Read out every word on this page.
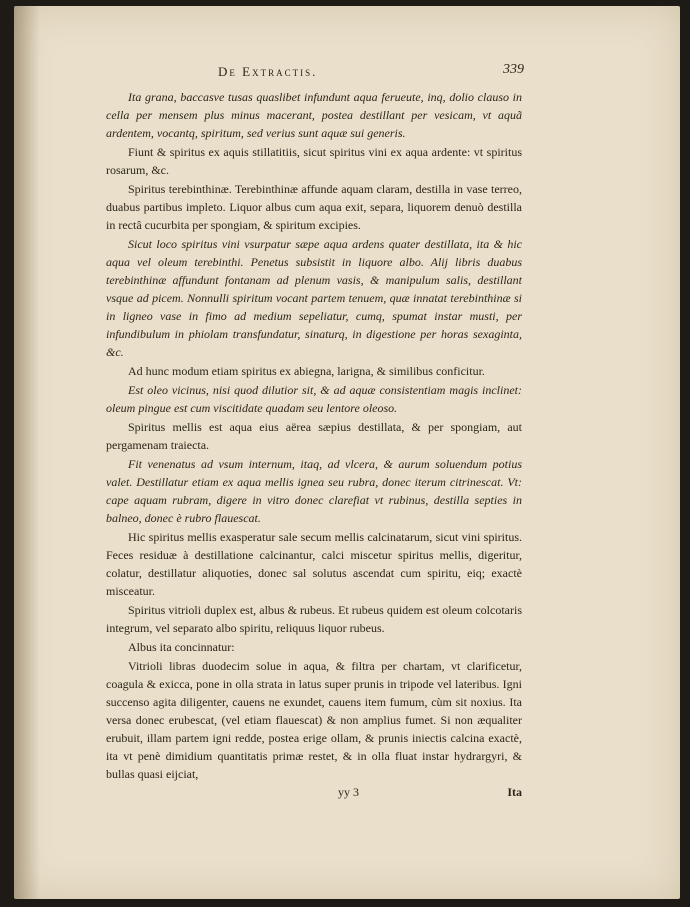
De Extractis.	339

Ita grana, baccasve tusas quaslibet infundunt aqua ferueute, inq, dolio clauso in cella per mensem plus minus macerant, postea destillant per vesicam, vt aquã ardentem, vocantq, spiritum, sed verius sunt aquæ sui generis.

Fiunt & spiritus ex aquis stillatitiis, sicut spiritus vini ex aqua ardente: vt spiritus rosarum, &c.

Spiritus terebinthinæ. Terebinthinæ affunde aquam claram, destilla in vase terreo, duabus partibus impleto. Liquor albus cum aqua exit, separa, liquorem denuò destilla in rectâ cucurbita per spongiam, & spiritum excipies.

Sicut loco spiritus vini vsurpatur sæpe aqua ardens quater destillata, ita & hic aqua vel oleum terebinthi. Penetus subsistit in liquore albo. Alij libris duabus terebinthinæ affundunt fontanam ad plenum vasis, & manipulum salis, destillant vsque ad picem. Nonnulli spiritum vocant partem tenuem, quæ innatat terebinthinæ si in ligneo vase in fimo ad medium sepeliatur, cumq, spumat instar musti, per infundibulum in phiolam transfundatur, sinaturq, in digestione per horas sexaginta, &c.

Ad hunc modum etiam spiritus ex abiegna, larigna, & similibus conficitur.

Est oleo vicinus, nisi quod dilutior sit, & ad aquæ consistentiam magis inclinet: oleum pingue est cum viscitidate quadam seu lentore oleoso.

Spiritus mellis est aqua eius aërea sæpius destillata, & per spongiam, aut pergamenam traiecta.

Fit venenatus ad vsum internum, itaq, ad vlcera, & aurum soluendum potius valet. Destillatur etiam ex aqua mellis ignea seu rubra, donec iterum citrinescat. Vt: cape aquam rubram, digere in vitro donec clarefiat vt rubinus, destilla septies in balneo, donec è rubro flauescat.

Hic spiritus mellis exasperatur sale secum mellis calcinatarum, sicut vini spiritus. Feces residuæ à destillatione calcinantur, calci miscetur spiritus mellis, digeritur, colatur, destillatur aliquoties, donec sal solutus ascendat cum spiritu, eiq; exactè misceatur.

Spiritus vitrioli duplex est, albus & rubeus. Et rubeus quidem est oleum colcotaris integrum, vel separato albo spiritu, reliquus liquor rubeus.

Albus ita concinnatur:

Vitrioli libras duodecim solue in aqua, & filtra per chartam, vt clarificetur, coagula & exicca, pone in olla strata in latus super prunis in tripode vel lateribus. Igni succenso agita diligenter, cauens ne exundet, cauens item fumum, cùm sit noxius. Ita versa donec erubescat, (vel etiam flauescat) & non amplius fumet. Si non æqualiter erubuit, illam partem igni redde, postea erige ollam, & prunis iniectis calcina exactè, ita vt penè dimidium quantitatis primæ restet, & in olla fluat instar hydrargyri, & bullas quasi eijciat,

yy 3	Ita
